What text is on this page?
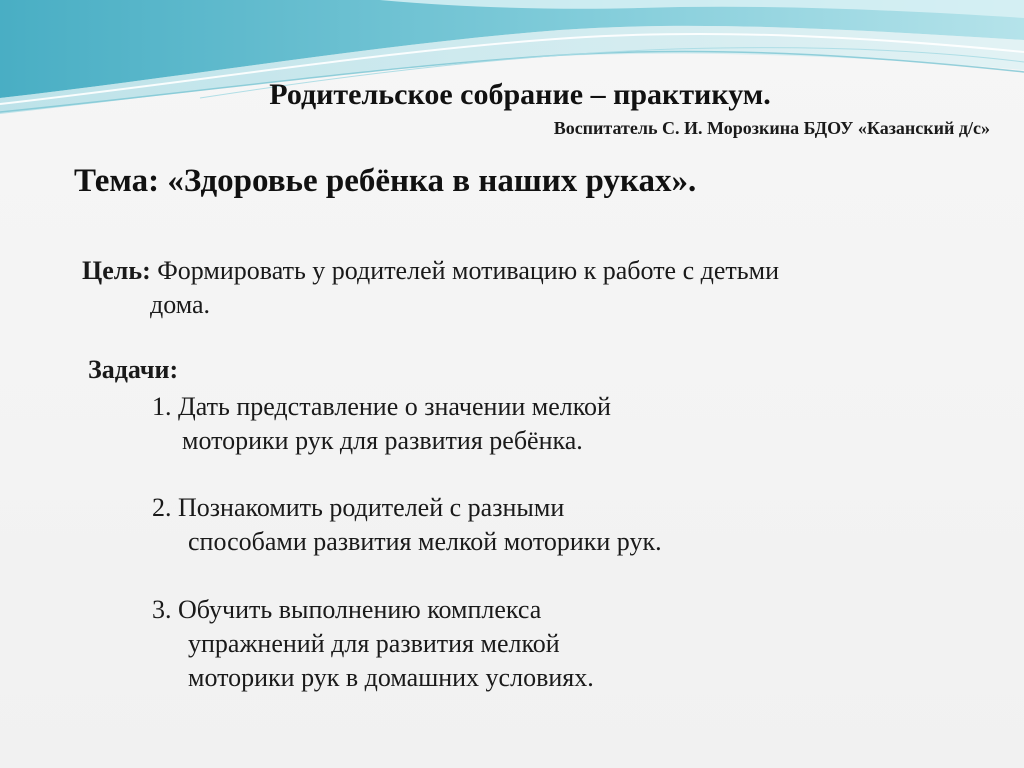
Родительское собрание – практикум.
Воспитатель С. И. Морозкина БДОУ «Казанский д/с»
Тема: «Здоровье ребёнка в наших руках».
Цель: Формировать у родителей мотивацию к работе с детьми
дома.
Задачи:
1. Дать представление о значении мелкой
моторики рук для развития ребёнка.
2. Познакомить родителей с разными
способами развития мелкой моторики рук.
3. Обучить выполнению комплекса
упражнений для развития мелкой
моторики рук в домашних условиях.
